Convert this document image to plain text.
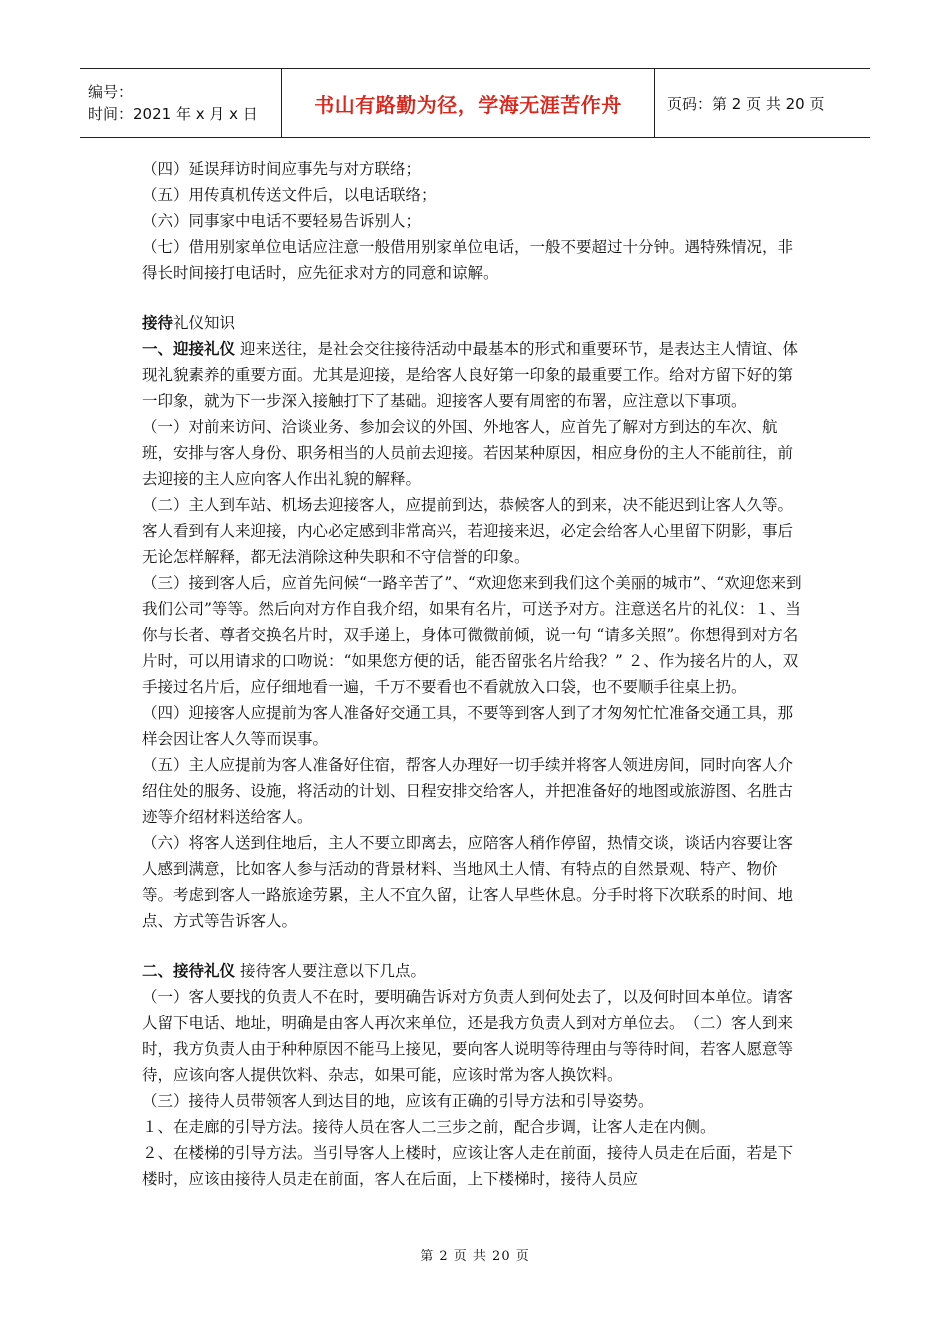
编号：
时间：2021 年 x 月 x 日	书山有路勤为径，学海无涯苦作舟	页码：第 2 页 共 20 页

（四）延误拜访时间应事先与对方联络；

（五）用传真机传送文件后，以电话联络；

（六）同事家中电话不要轻易告诉别人；

（七）借用别家单位电话应注意一般借用别家单位电话，一般不要超过十分钟。遇特殊情况，非得长时间接打电话时，应先征求对方的同意和谅解。

接待礼仪知识

一、迎接礼仪 迎来送往，是社会交往接待活动中最基本的形式和重要环节，是表达主人情谊、体现礼貌素养的重要方面。尤其是迎接，是给客人良好第一印象的最重要工作。给对方留下好的第一印象，就为下一步深入接触打下了基础。迎接客人要有周密的布署，应注意以下事项。

（一）对前来访问、洽谈业务、参加会议的外国、外地客人，应首先了解对方到达的车次、航班，安排与客人身份、职务相当的人员前去迎接。若因某种原因，相应身份的主人不能前往，前去迎接的主人应向客人作出礼貌的解释。

（二）主人到车站、机场去迎接客人，应提前到达，恭候客人的到来，决不能迟到让客人久等。客人看到有人来迎接，内心必定感到非常高兴，若迎接来迟，必定会给客人心里留下阴影，事后无论怎样解释，都无法消除这种失职和不守信誉的印象。

（三）接到客人后，应首先问候“一路辛苦了”、“欢迎您来到我们这个美丽的城市”、“欢迎您来到我们公司”等等。然后向对方作自我介绍，如果有名片，可送予对方。注意送名片的礼仪：１、当你与长者、尊者交换名片时，双手递上，身体可微微前倾，说一句 “请多关照”。你想得到对方名片时，可以用请求的口吻说：“如果您方便的话，能否留张名片给我？” ２、作为接名片的人，双手接过名片后，应仔细地看一遍，千万不要看也不看就放入口袋，也不要顺手往桌上扔。

（四）迎接客人应提前为客人准备好交通工具，不要等到客人到了才匆匆忙忙准备交通工具，那样会因让客人久等而误事。

（五）主人应提前为客人准备好住宿，帮客人办理好一切手续并将客人领进房间，同时向客人介绍住处的服务、设施，将活动的计划、日程安排交给客人，并把准备好的地图或旅游图、名胜古迹等介绍材料送给客人。

（六）将客人送到住地后，主人不要立即离去，应陪客人稍作停留，热情交谈，谈话内容要让客人感到满意，比如客人参与活动的背景材料、当地风土人情、有特点的自然景观、特产、物价等。考虑到客人一路旅途劳累，主人不宜久留，让客人早些休息。分手时将下次联系的时间、地点、方式等告诉客人。

二、接待礼仪 接待客人要注意以下几点。

（一）客人要找的负责人不在时，要明确告诉对方负责人到何处去了，以及何时回本单位。请客人留下电话、地址，明确是由客人再次来单位，还是我方负责人到对方单位去。　（二）客人到来时，我方负责人由于种种原因不能马上接见，要向客人说明等待理由与等待时间，若客人愿意等待，应该向客人提供饮料、杂志，如果可能，应该时常为客人换饮料。

（三）接待人员带领客人到达目的地，应该有正确的引导方法和引导姿势。

１、在走廊的引导方法。接待人员在客人二三步之前，配合步调，让客人走在内侧。

２、在楼梯的引导方法。当引导客人上楼时，应该让客人走在前面，接待人员走在后面，若是下楼时，应该由接待人员走在前面，客人在后面，上下楼梯时，接待人员应

第 2 页 共 20 页
